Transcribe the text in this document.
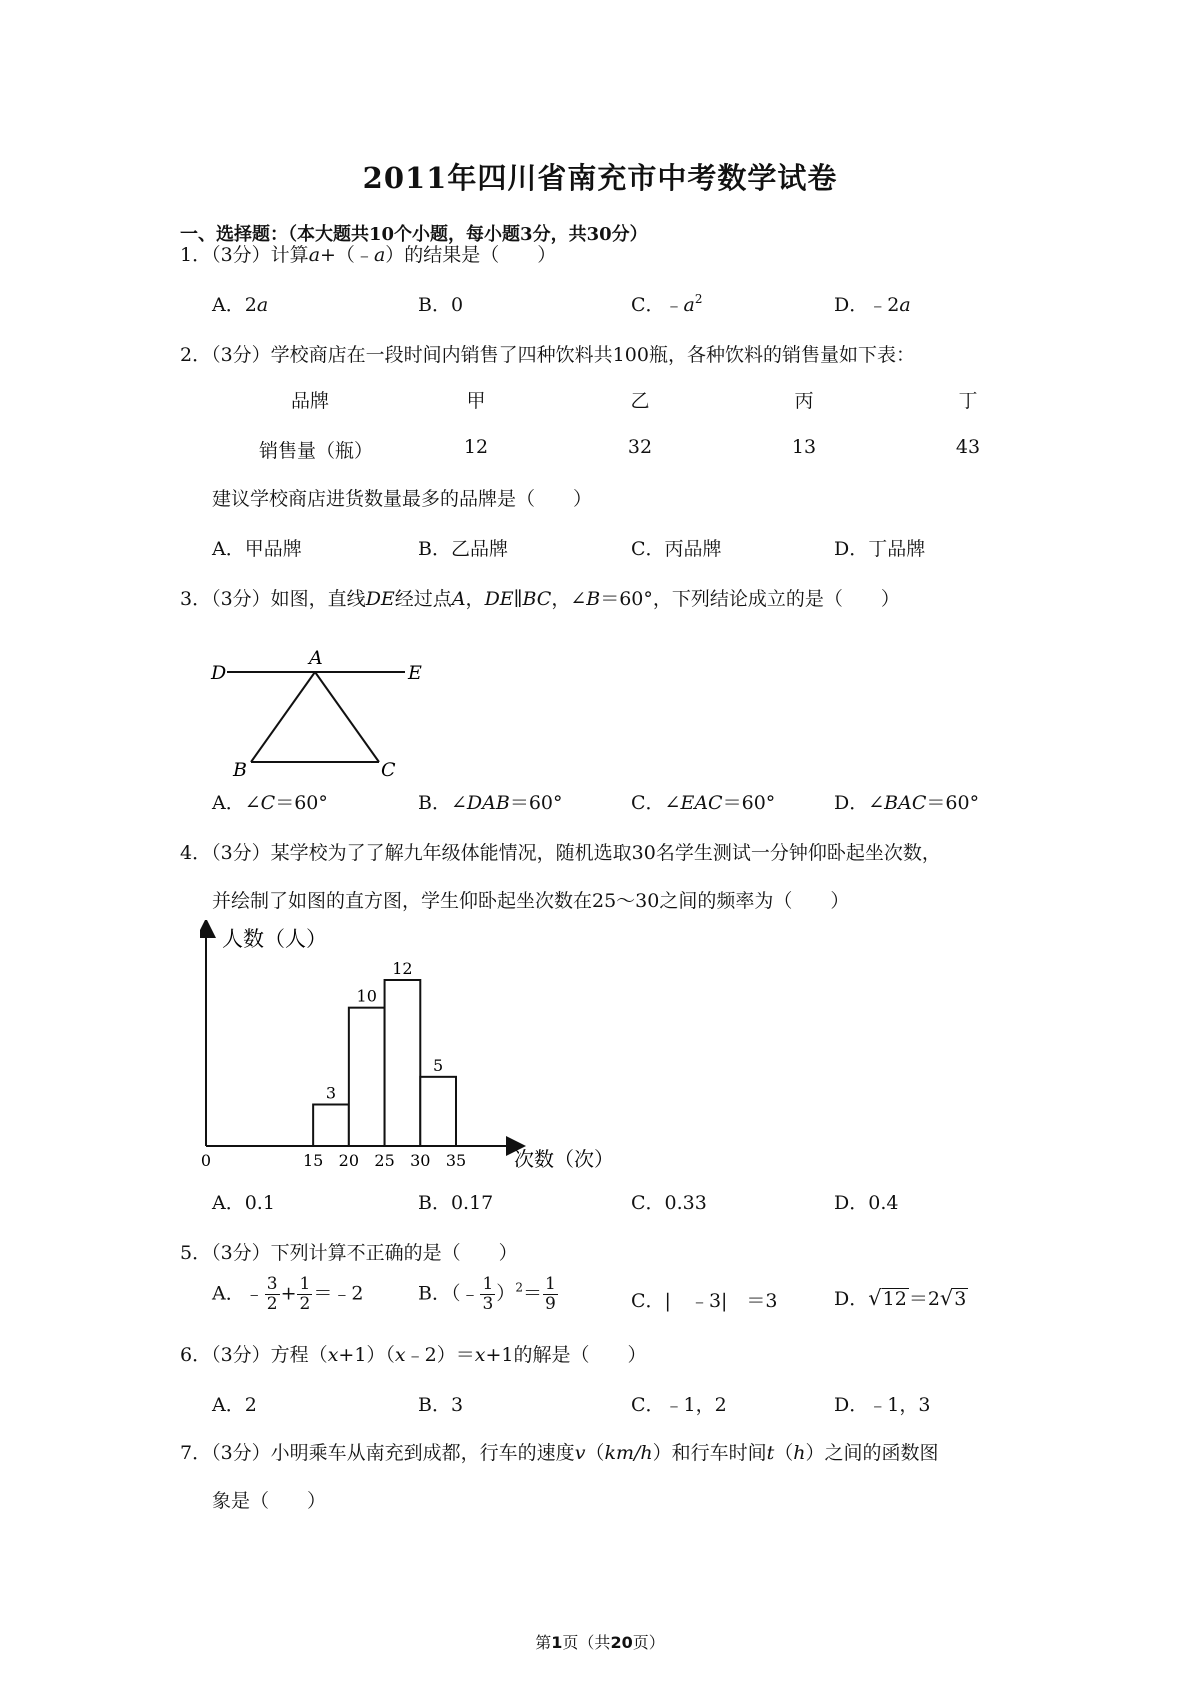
2011年四川省南充市中考数学试卷
一、选择题：（本大题共10个小题，每小题3分，共30分）
1．（3分）计算a+（﹣a）的结果是（　　）
A．2a	B．0	C．$﹣a^2$	D．﹣2a
2．（3分）学校商店在一段时间内销售了四种饮料共100瓶，各种饮料的销售量如下表：
品牌	甲	乙	丙	丁
销售量（瓶）	12	32	13	43
建议学校商店进货数量最多的品牌是（　　）
A．甲品牌	B．乙品牌	C．丙品牌	D．丁品牌
3．（3分）如图，直线DE经过点A，DE∥BC，∠B＝60°，下列结论成立的是（　　）
D
A
E
B	C
A．∠C＝60°	B．∠DAB＝60°	C．∠EAC＝60°	D．∠BAC＝60°
4．（3分）某学校为了了解九年级体能情况，随机选取30名学生测试一分钟仰卧起坐次数，
并绘制了如图的直方图，学生仰卧起坐次数在25～30之间的频率为（　　）
人数（人）
次数（次）
3
10
12
5
0	15 20 25 30 35
A．0.1	B．0.17	C．0.33	D．0.4
5．（3分）下列计算不正确的是（　　）
A．﹣ $\frac{3}{2} + \frac{1}{2}$ ＝﹣2	B．（﹣ $\frac{1}{3} )^2= \frac{1}{9}$	C．|　﹣3|　＝3	D．√12 ＝2√3
6．（3分）方程（x+1）（x﹣2）＝x+1的解是（　　）
A．2	B．3	C．﹣1，2	D．﹣1，3
7．（3分）小明乘车从南充到成都，行车的速度v（km/h）和行车时间t（h）之间的函数图
象是（　　）
第1页（共20页）
